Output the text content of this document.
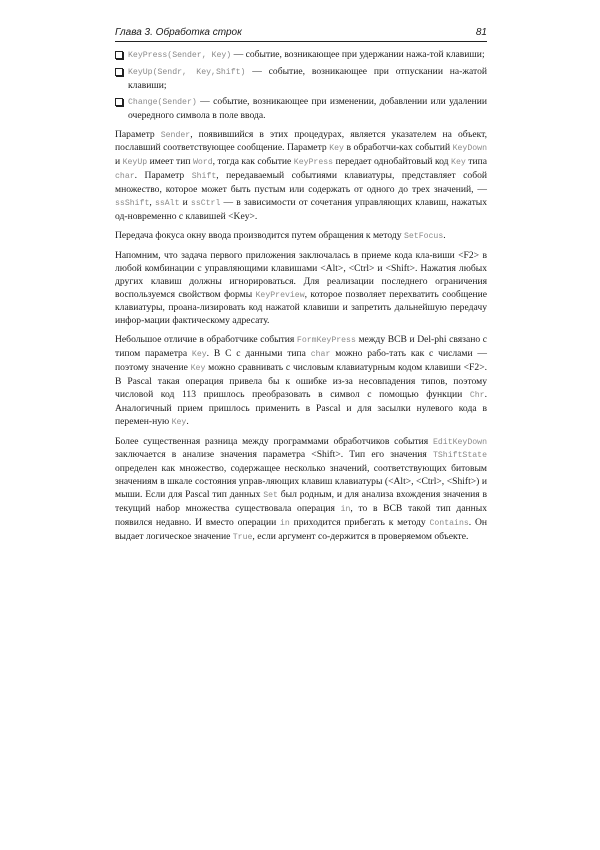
Глава 3. Обработка строк	81
KeyPress(Sender, Key) — событие, возникающее при удержании нажа-той клавиши;
KeyUp(Sendr, Key,Shift) — событие, возникающее при отпускании на-жатой клавиши;
Change(Sender) — событие, возникающее при изменении, добавлении или удалении очередного символа в поле ввода.

Параметр Sender, появившийся в этих процедурах, является указателем на объект, пославший соответствующее сообщение. Параметр Key в обработчи-ках событий KeyDown и KeyUp имеет тип Word, тогда как событие KeyPress передает однобайтовый код Key типа char. Параметр Shift, передаваемый событиями клавиатуры, представляет собой множество, которое может быть пустым или содержать от одного до трех значений, — ssShift, ssAlt и ssCtrl — в зависимости от сочетания управляющих клавиш, нажатых од-новременно с клавишей <Key>.

Передача фокуса окну ввода производится путем обращения к методу SetFocus.

Напомним, что задача первого приложения заключалась в приеме кода кла-виши <F2> в любой комбинации с управляющими клавишами <Alt>, <Ctrl> и <Shift>. Нажатия любых других клавиш должны игнорироваться. Для реализации последнего ограничения воспользуемся свойством формы KeyPreview, которое позволяет перехватить сообщение клавиатуры, проана-лизировать код нажатой клавиши и запретить дальнейшую передачу инфор-мации фактическому адресату.

Небольшое отличие в обработчике события FormKeyPress между BCB и Del-phi связано с типом параметра Key. В C с данными типа char можно рабо-тать как с числами — поэтому значение Key можно сравнивать с числовым клавиатурным кодом клавиши <F2>. В Pascal такая операция привела бы к ошибке из-за несовпадения типов, поэтому числовой код 113 пришлось преобразовать в символ с помощью функции Chr. Аналогичный прием пришлось применить в Pascal и для засылки нулевого кода в перемен-ную Key.

Более существенная разница между программами обработчиков события EditKeyDown заключается в анализе значения параметра <Shift>. Тип его значения TShiftState определен как множество, содержащее несколько значений, соответствующих битовым значениям в шкале состояния управ-ляющих клавиш клавиатуры (<Alt>, <Ctrl>, <Shift>) и мыши. Если для Pascal тип данных Set был родным, и для анализа вхождения значения в текущий набор множества существовала операция in, то в BCB такой тип данных появился недавно. И вместо операции in приходится прибегать к методу Contains. Он выдает логическое значение True, если аргумент со-держится в проверяемом объекте.
